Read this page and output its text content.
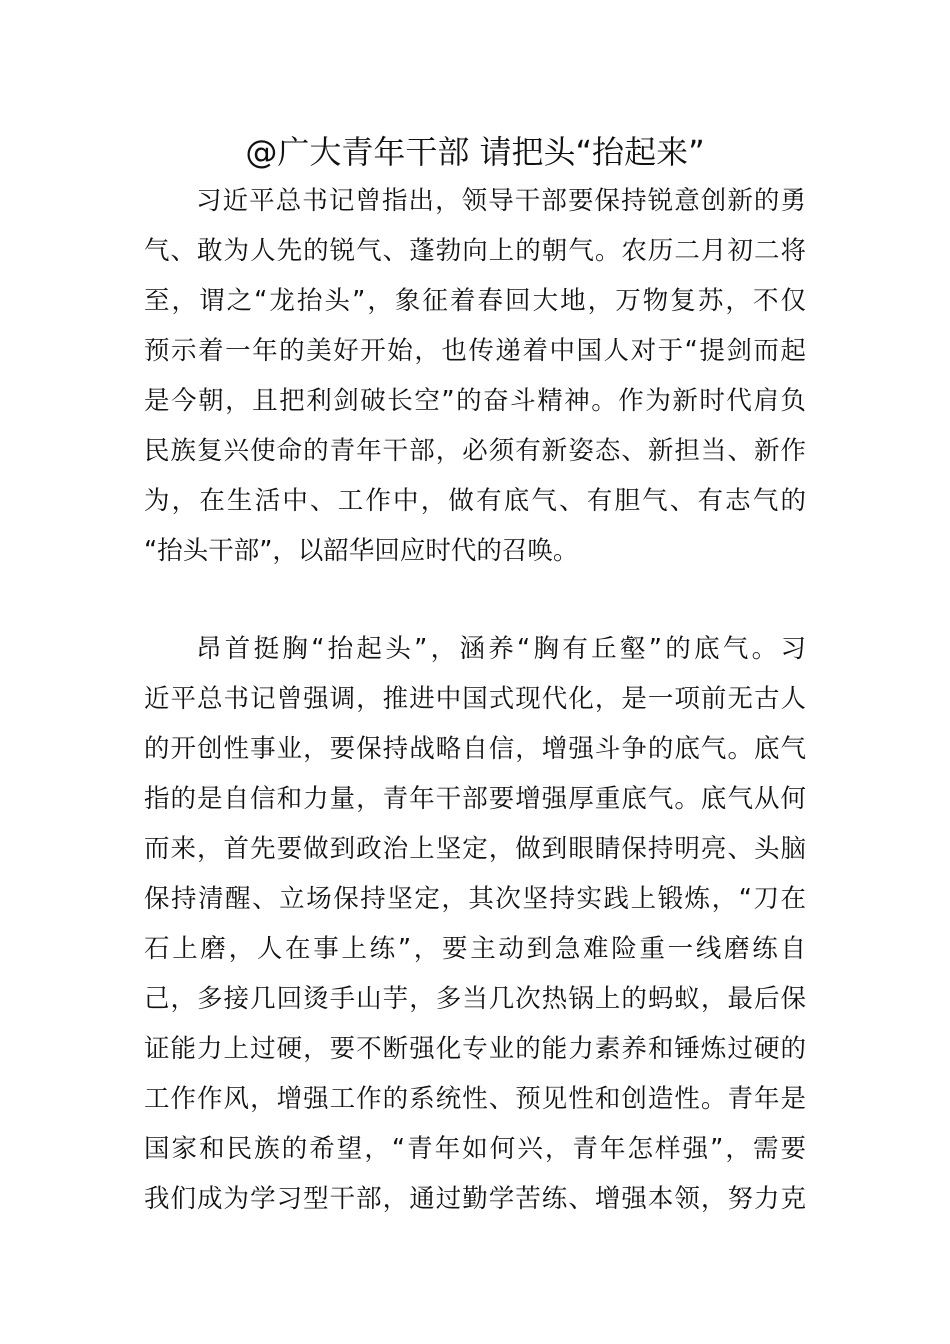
@广大青年干部 请把头“抬起来”
习近平总书记曾指出，领导干部要保持锐意创新的勇
气、敢为人先的锐气、蓬勃向上的朝气。农历二月初二将
至，谓之“龙抬头”，象征着春回大地，万物复苏，不仅
预示着一年的美好开始，也传递着中国人对于“提剑而起
是今朝，且把利剑破长空”的奋斗精神。作为新时代肩负
民族复兴使命的青年干部，必须有新姿态、新担当、新作
为，在生活中、工作中，做有底气、有胆气、有志气的
“抬头干部”，以韶华回应时代的召唤。
昂首挺胸“抬起头”，涵养“胸有丘壑”的底气。习
近平总书记曾强调，推进中国式现代化，是一项前无古人
的开创性事业，要保持战略自信，增强斗争的底气。底气
指的是自信和力量，青年干部要增强厚重底气。底气从何
而来，首先要做到政治上坚定，做到眼睛保持明亮、头脑
保持清醒、立场保持坚定，其次坚持实践上锻炼，“刀在
石上磨，人在事上练”，要主动到急难险重一线磨练自
己，多接几回烫手山芋，多当几次热锅上的蚂蚁，最后保
证能力上过硬，要不断强化专业的能力素养和锤炼过硬的
工作作风，增强工作的系统性、预见性和创造性。青年是
国家和民族的希望，“青年如何兴，青年怎样强”，需要
我们成为学习型干部，通过勤学苦练、增强本领，努力克
